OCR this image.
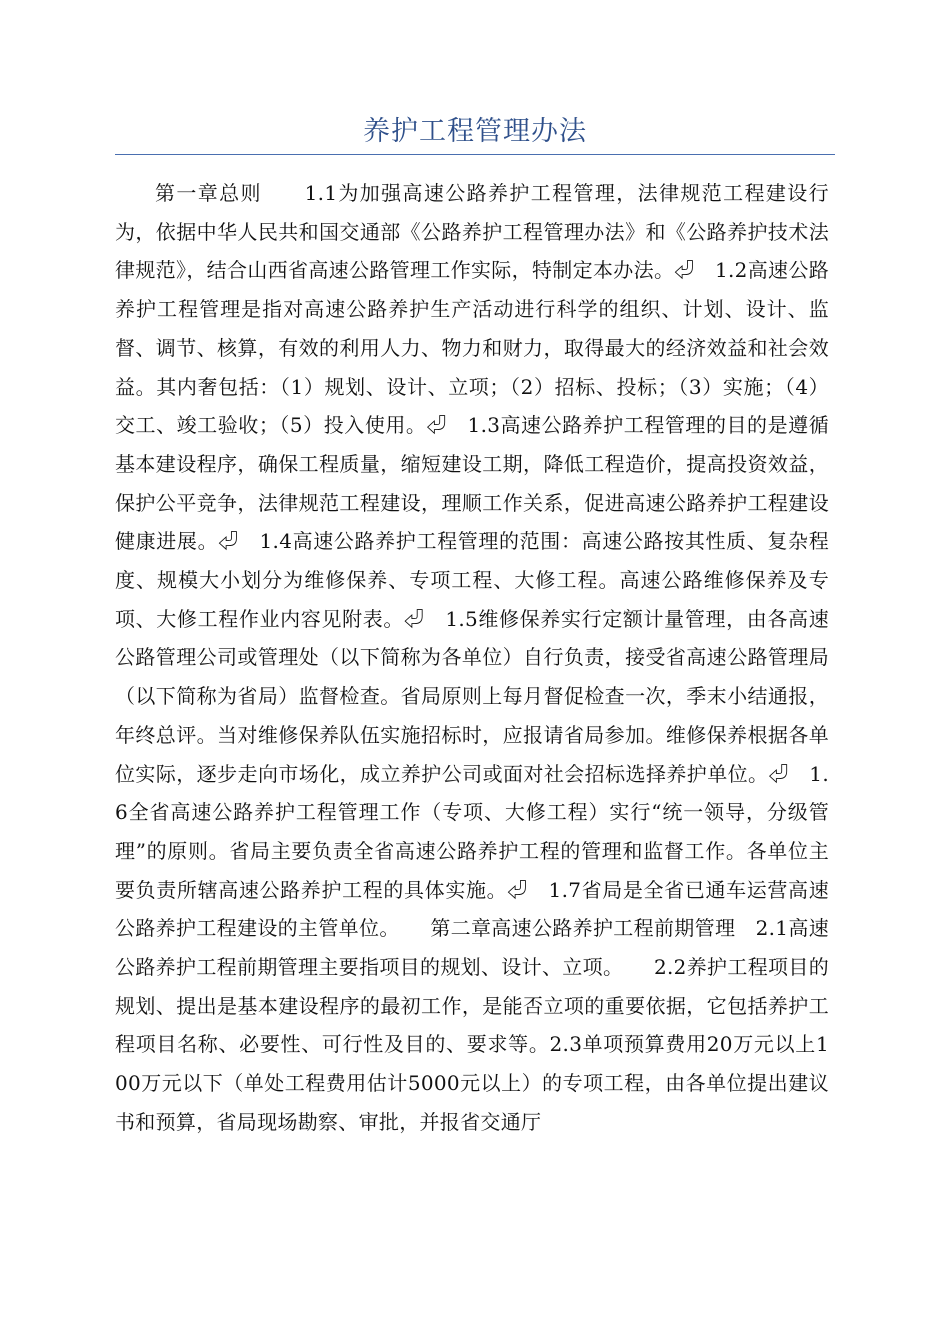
养护工程管理办法

第一章总则　　1.1为加强高速公路养护工程管理，法律规范工程建设行为，依据中华人民共和国交通部《公路养护工程管理办法》和《公路养护技术法律规范》，结合山西省高速公路管理工作实际，特制定本办法。⏎　1.2高速公路养护工程管理是指对高速公路养护生产活动进行科学的组织、计划、设计、监督、调节、核算，有效的利用人力、物力和财力，取得最大的经济效益和社会效益。其内奢包括：（1）规划、设计、立项；（2）招标、投标；（3）实施；（4）交工、竣工验收；（5）投入使用。⏎　1.3高速公路养护工程管理的目的是遵循基本建设程序，确保工程质量，缩短建设工期，降低工程造价，提高投资效益，保护公平竞争，法律规范工程建设，理顺工作关系，促进高速公路养护工程建设健康进展。⏎　1.4高速公路养护工程管理的范围：高速公路按其性质、复杂程度、规模大小划分为维修保养、专项工程、大修工程。高速公路维修保养及专项、大修工程作业内容见附表。⏎　1.5维修保养实行定额计量管理，由各高速公路管理公司或管理处（以下简称为各单位）自行负责，接受省高速公路管理局（以下简称为省局）监督检查。省局原则上每月督促检查一次，季末小结通报，年终总评。当对维修保养队伍实施招标时，应报请省局参加。维修保养根据各单位实际，逐步走向市场化，成立养护公司或面对社会招标选择养护单位。⏎　1.6全省高速公路养护工程管理工作（专项、大修工程）实行“统一领导，分级管理”的原则。省局主要负责全省高速公路养护工程的管理和监督工作。各单位主要负责所辖高速公路养护工程的具体实施。⏎　1.7省局是全省已通车运营高速公路养护工程建设的主管单位。　　第二章高速公路养护工程前期管理　2.1高速公路养护工程前期管理主要指项目的规划、设计、立项。　　2.2养护工程项目的规划、提出是基本建设程序的最初工作，是能否立项的重要依据，它包括养护工程项目名称、必要性、可行性及目的、要求等。2.3单项预算费用20万元以上100万元以下（单处工程费用估计5000元以上）的专项工程，由各单位提出建议书和预算，省局现场勘察、审批，并报省交通厅
